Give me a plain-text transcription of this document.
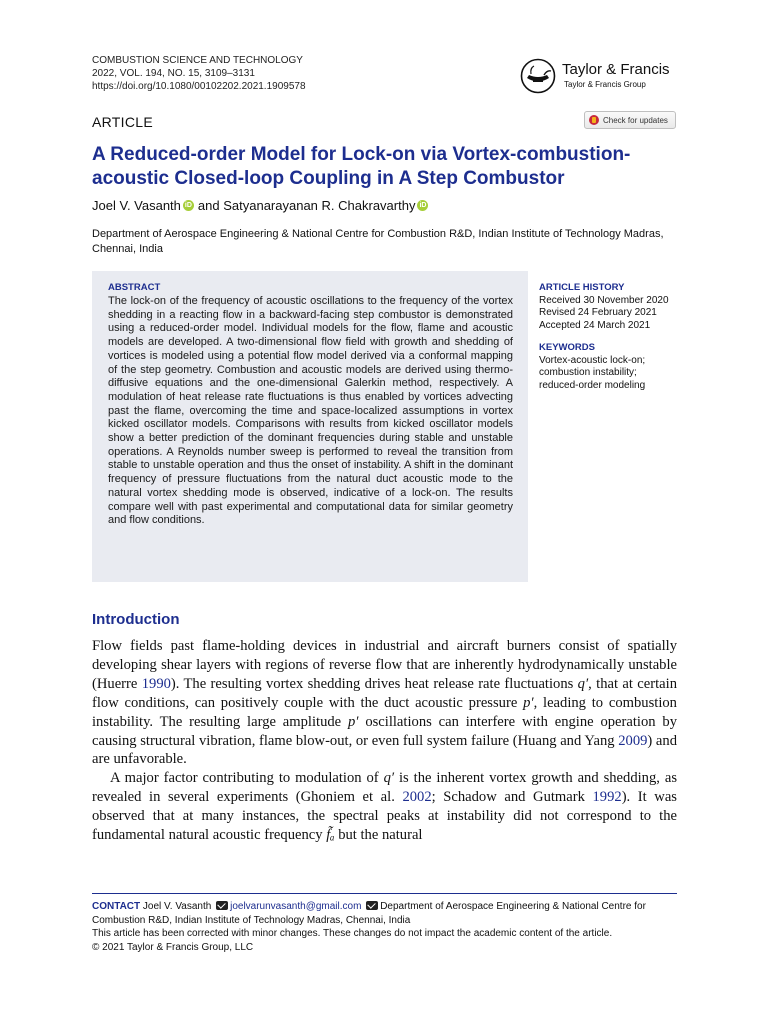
COMBUSTION SCIENCE AND TECHNOLOGY
2022, VOL. 194, NO. 15, 3109–3131
https://doi.org/10.1080/00102202.2021.1909578
Taylor & Francis
Taylor & Francis Group
ARTICLE	Check for updates
A Reduced-order Model for Lock-on via Vortex-combustion-acoustic Closed-loop Coupling in A Step Combustor
Joel V. Vasanth iD and
Satyanarayanan R. Chakravarthy iD
Department of Aerospace Engineering & National Centre for Combustion R&D, Indian Institute of Technology Madras, Chennai, India
ABSTRACT

The lock-on of the frequency of acoustic oscillations to the frequency of the vortex shedding in a reacting flow in a backward-facing step combustor is demonstrated using a reduced-order model. Individual models for the flow, flame and acoustic models are developed. A two-dimensional flow field with growth and shedding of vortices is modeled using a potential flow model derived via a conformal mapping of the step geometry. Combustion and acoustic models are derived using thermo-diffusive equations and the one-dimensional Galerkin method, respectively. A modulation of heat release rate fluctuations is thus enabled by vortices advecting past the flame, overcoming the time and space-localized assumptions in vortex kicked oscillator models. Comparisons with results from kicked oscillator models show a better prediction of the dominant frequencies during stable and unstable operations. A Reynolds number sweep is performed to reveal the transition from stable to unstable operation and thus the onset of instability. A shift in the dominant frequency of pressure fluctuations from the natural duct acoustic mode to the natural vortex shedding mode is observed, indicative of a lock-on. The results compare well with past experimental and computational data for similar geometry and flow conditions.

ARTICLE HISTORY
Received 30 November 2020
Revised 24 February 2021
Accepted 24 March 2021
KEYWORDS
Vortex-acoustic lock-on;
combustion instability;
reduced-order modeling
Introduction

Flow fields past flame-holding devices in industrial and aircraft burners consist of spatially developing shear layers with regions of reverse flow that are inherently hydrodynamically unstable (Huerre 1990). The resulting vortex shedding drives heat release rate fluctuations q′, that at certain flow conditions, can positively couple with the duct acoustic pressure p′, leading to combustion instability. The resulting large amplitude p′ oscillations can interfere with engine operation by causing structural vibration, flame blow-out, or even full system failure (Huang and Yang 2009) and are unfavorable.
A major factor contributing to modulation of q′ is the inherent vortex growth and shedding, as revealed in several experiments (Ghoniem et al. 2002; Schadow and Gutmark 1992). It was observed that at many instances, the spectral peaks at instability did not correspond to the fundamental natural acoustic frequency f̃ₐ but the natural

CONTACT Joel V. Vasanth joelvarunvasanth@gmail.com Department of Aerospace Engineering & National Centre for Combustion R&D, Indian Institute of Technology Madras, Chennai, India
This article has been corrected with minor changes. These changes do not impact the academic content of the article.
© 2021 Taylor & Francis Group, LLC
